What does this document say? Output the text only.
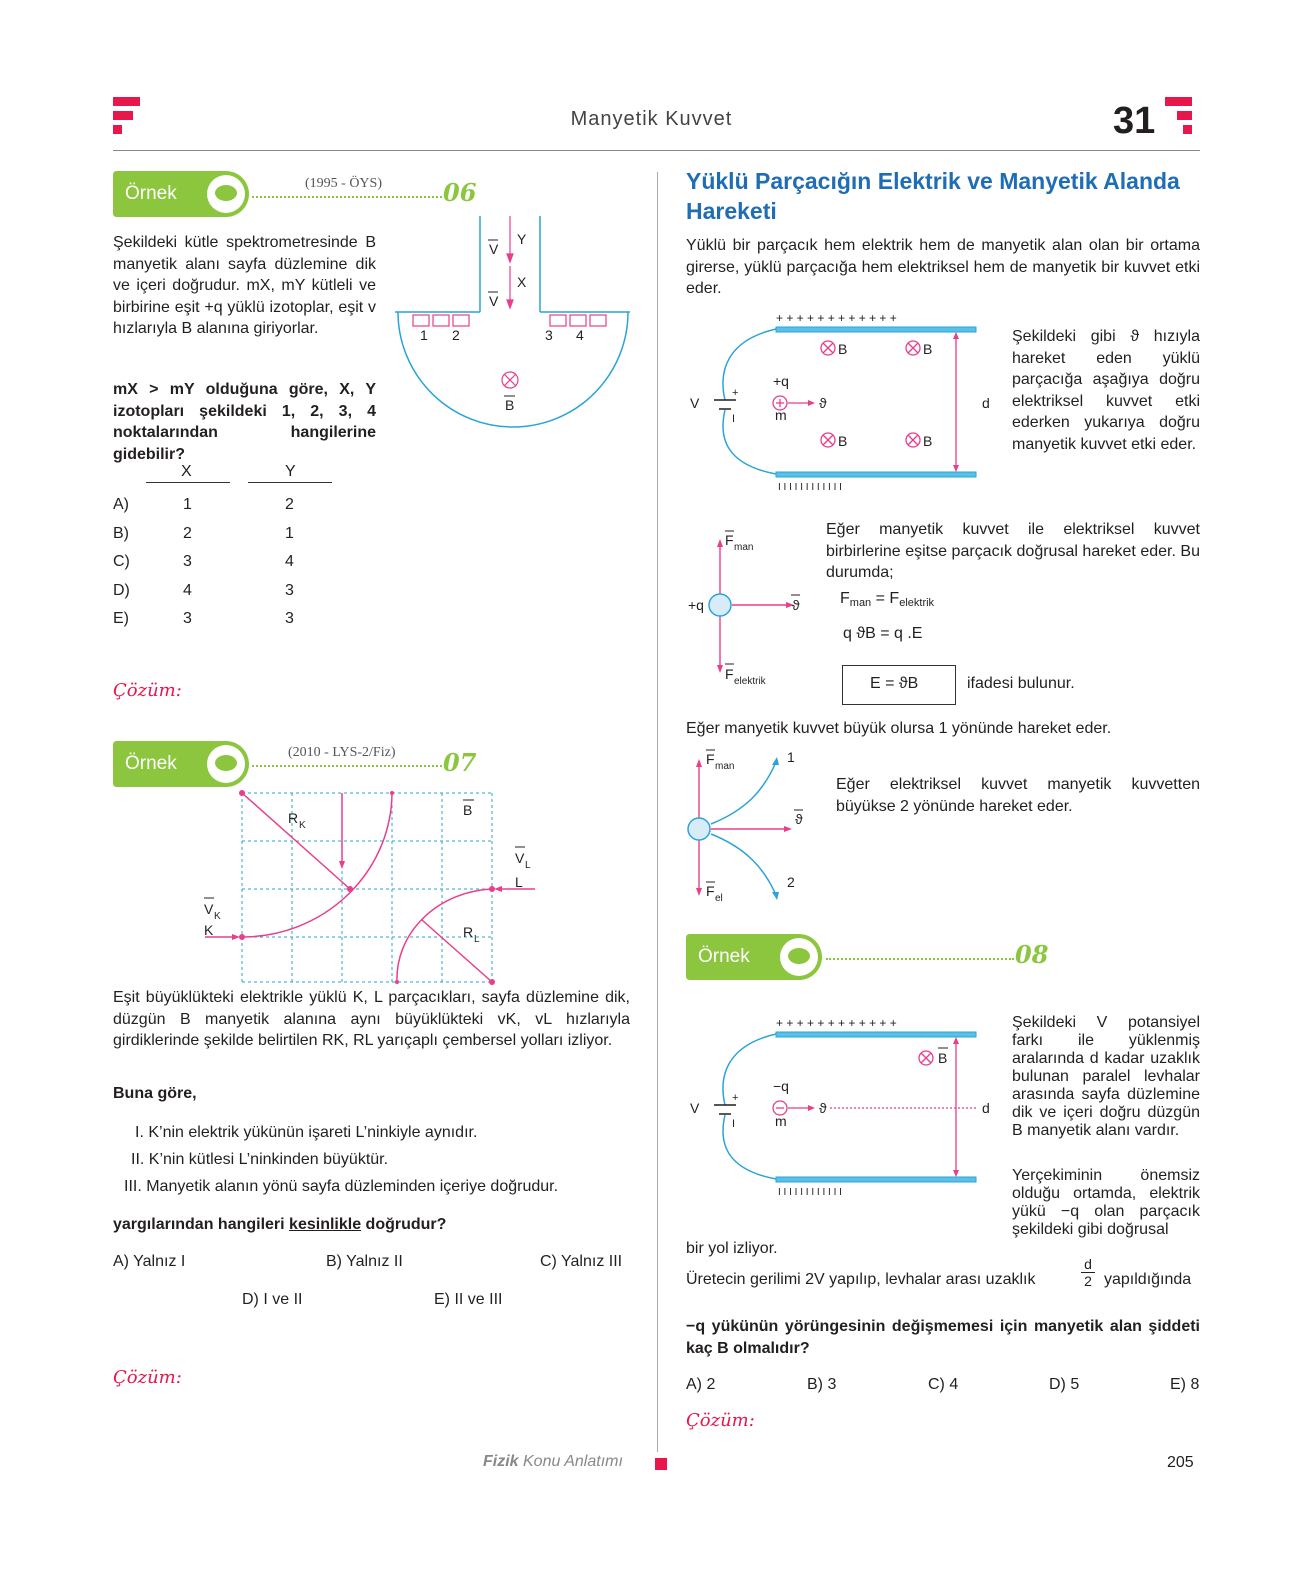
Manyetik Kuvvet	31
Örnek	(1995 - ÖYS)	06

Şekildeki kütle spektrometresinde B manyetik alanı sayfa düzlemine dik ve içeri doğrudur. mX, mY kütleli ve birbirine eşit +q yüklü izotoplar, eşit v hızlarıyla B alanına giriyorlar.

mX > mY olduğuna göre, X, Y izotopları şekildeki 1, 2, 3, 4 noktalarından hangilerine gidebilir?

X	Y
A)	1	2
B)	2	1
C)	3	4
D)	4	3
E)	3	3
Çözüm:
V
Y
V
X
B
1 2	3 4
Örnek
(2010 - LYS-2/Fiz) 07
R K
B
V K
K
V L
L
R L

Eşit büyüklükteki elektrikle yüklü K, L parçacıkları, sayfa düzlemine dik, düzgün B manyetik alanına aynı büyüklükteki vK, vL hızlarıyla girdiklerinde şekilde belirtilen RK, RL yarıçaplı çembersel yolları izliyor.

Buna göre,

I. K’nin elektrik yükünün işareti L’ninkiyle aynıdır.

II. K’nin kütlesi L’ninkinden büyüktür.

III. Manyetik alanın yönü sayfa düzleminden içeriye doğrudur.

yargılarından hangileri kesinlikle doğrudur?

A) Yalnız I	B) Yalnız II	C) Yalnız III
D) I ve II	E) II ve III
Çözüm:
Yüklü Parçacığın Elektrik ve Manyetik Alanda Hareketi

Yüklü bir parçacık hem elektrik hem de manyetik alan olan bir ortama girerse, yüklü parçacığa hem elektriksel hem de manyetik bir kuvvet etki eder.

+ + + + + + + + + + + +
I I I I I I I I I I I I
V
+
I
+q
m
ϑ	d
B	B
B	B

Şekildeki gibi ϑ hızıyla hareket eden yüklü parçacığa aşağıya doğru elektriksel kuvvet etki ederken yukarıya doğru manyetik kuvvet etki eder.

F man
F elektrik
+q	ϑ

Eğer manyetik kuvvet ile elektriksel kuvvet birbirlerine eşitse parçacık doğrusal hareket eder. Bu durumda;

$F_{man} = F_{elektrik}$
q ϑB = q .E
E = ϑB	ifadesi bulunur.

Eğer manyetik kuvvet büyük olursa 1 yönünde hareket eder.

F man
F el
1
2
ϑ

Eğer elektriksel kuvvet manyetik kuvvetten büyükse 2 yönünde hareket eder.

Örnek	08
+ + + + + + + + + + + +
I I I I I I I I I I I I
V
+
I
−q
m
ϑ	d
B

Şekildeki V potansiyel farkı ile yüklenmiş aralarında d kadar uzaklık bulunan paralel levhalar arasında sayfa düzlemine dik ve içeri doğru düzgün B manyetik alanı vardır.

Yerçekiminin önemsiz olduğu ortamda, elektrik yükü −q olan parçacık şekildeki gibi doğrusal

bir yol izliyor.

Üretecin gerilimi 2V yapılıp, levhalar arası uzaklık	$\frac{d}{2}$ yapıldığında

−q yükünün yörüngesinin değişmemesi için manyetik alan şiddeti kaç B olmalıdır?

A) 2	B) 3	C) 4	D) 5	E) 8
Çözüm:
Fizik Konu Anlatımı	205
